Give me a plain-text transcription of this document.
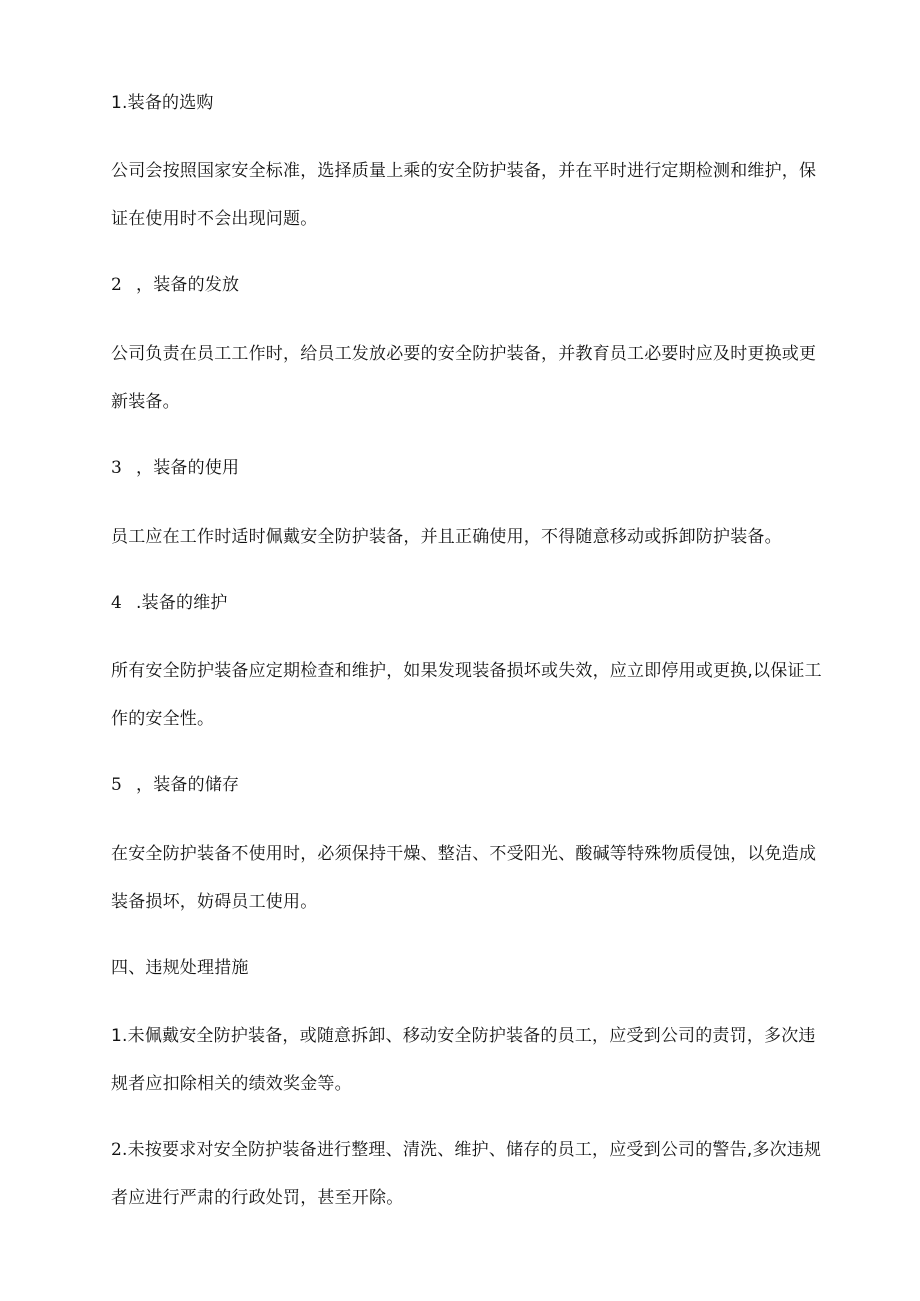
1.装备的选购
公司会按照国家安全标准，选择质量上乘的安全防护装备，并在平时进行定期检测和维护，保
证在使用时不会出现问题。
2 ，装备的发放
公司负责在员工工作时，给员工发放必要的安全防护装备，并教育员工必要时应及时更换或更
新装备。
3 ，装备的使用
员工应在工作时适时佩戴安全防护装备，并且正确使用，不得随意移动或拆卸防护装备。
4 .装备的维护
所有安全防护装备应定期检查和维护，如果发现装备损坏或失效，应立即停用或更换,以保证工
作的安全性。
5 ，装备的储存
在安全防护装备不使用时，必须保持干燥、整洁、不受阳光、酸碱等特殊物质侵蚀，以免造成
装备损坏，妨碍员工使用。
四、违规处理措施
1.未佩戴安全防护装备，或随意拆卸、移动安全防护装备的员工，应受到公司的责罚，多次违
规者应扣除相关的绩效奖金等。
2.未按要求对安全防护装备进行整理、清洗、维护、储存的员工，应受到公司的警告,多次违规
者应进行严肃的行政处罚，甚至开除。
